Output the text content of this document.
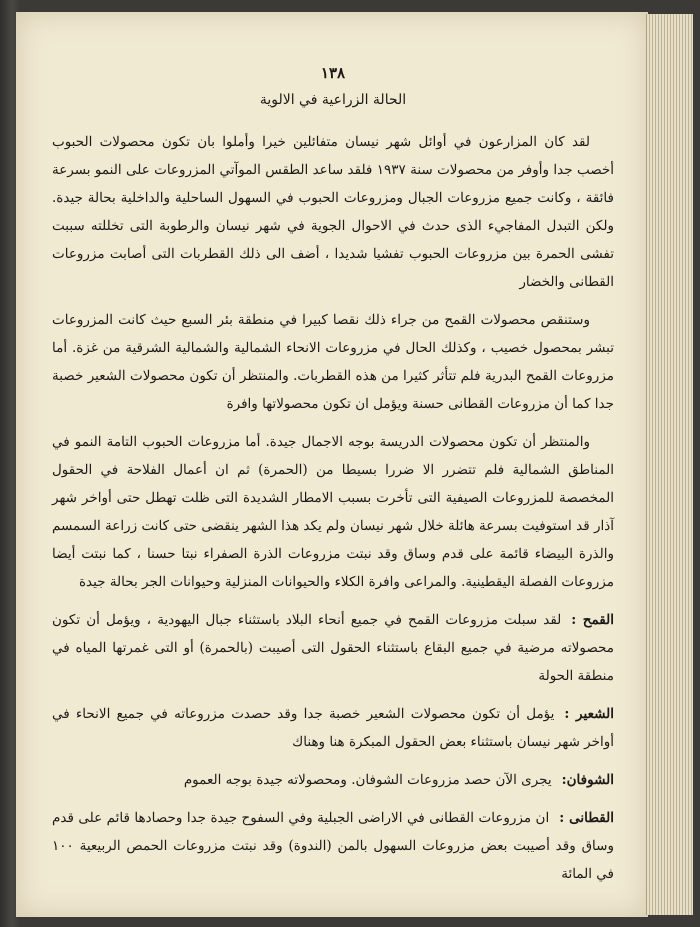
١٣٨
الحالة الزراعية في الالوية

لقد كان المزارعون في أوائل شهر نيسان متفائلين خيرا وأملوا بان تكون محصولات الحبوب أخصب جدا وأوفر من محصولات سنة ١٩٣٧ فلقد ساعد الطقس الموآتي المزروعات على النمو بسرعة فائقة ، وكانت جميع مزروعات الجبال ومزروعات الحبوب في السهول الساحلية والداخلية بحالة جيدة. ولكن التبدل المفاجيء الذى حدث في الاحوال الجوية في شهر نيسان والرطوبة التى تخللته سببت تفشى الحمرة بين مزروعات الحبوب تفشيا شديدا ، أضف الى ذلك القطربات التى أصابت مزروعات القطانى والخضار

وستنقص محصولات القمح من جراء ذلك نقصا كبيرا في منطقة بئر السبع حيث كانت المزروعات تبشر بمحصول خصيب ، وكذلك الحال في مزروعات الانحاء الشمالية والشمالية الشرقية من غزة. أما مزروعات القمح البدرية فلم تتأثر كثيرا من هذه القطربات. والمنتظر أن تكون محصولات الشعير خصبة جدا كما أن مزروعات القطانى حسنة ويؤمل ان تكون محصولاتها وافرة

والمنتظر أن تكون محصولات الدريسة بوجه الاجمال جيدة. أما مزروعات الحبوب التامة النمو في المناطق الشمالية فلم تتضرر الا ضررا بسيطا من (الحمرة) ثم ان أعمال الفلاحة في الحقول المخصصة للمزروعات الصيفية التى تأخرت بسبب الامطار الشديدة التى ظلت تهطل حتى أواخر شهر آذار قد استوفيت بسرعة هائلة خلال شهر نيسان ولم يكد هذا الشهر ينقضى حتى كانت زراعة السمسم والذرة البيضاء قائمة على قدم وساق وقد نبتت مزروعات الذرة الصفراء نبتا حسنا ، كما نبتت أيضا مزروعات الفصلة اليقطينية. والمراعى وافرة الكلاء والحيوانات المنزلية وحيوانات الجر بحالة جيدة

القمح :لقد سبلت مزروعات القمح في جميع أنحاء البلاد باستثناء جبال اليهودية ، ويؤمل أن تكون محصولاته مرضية في جميع البقاع باستثناء الحقول التى أصيبت (بالحمرة) أو التى غمرتها المياه في منطقة الحولة

الشعير :يؤمل أن تكون محصولات الشعير خصبة جدا وقد حصدت مزروعاته في جميع الانحاء في أواخر شهر نيسان باستثناء بعض الحقول المبكرة هنا وهناك

الشوفان:يجرى الآن حصد مزروعات الشوفان. ومحصولاته جيدة بوجه العموم

القطانى :ان مزروعات القطانى في الاراضى الجبلية وفي السفوح جيدة جدا وحصادها قائم على قدم وساق وقد أصيبت بعض مزروعات السهول بالمن (الندوة) وقد نبتت مزروعات الحمص الربيعية ١٠٠ في المائة
